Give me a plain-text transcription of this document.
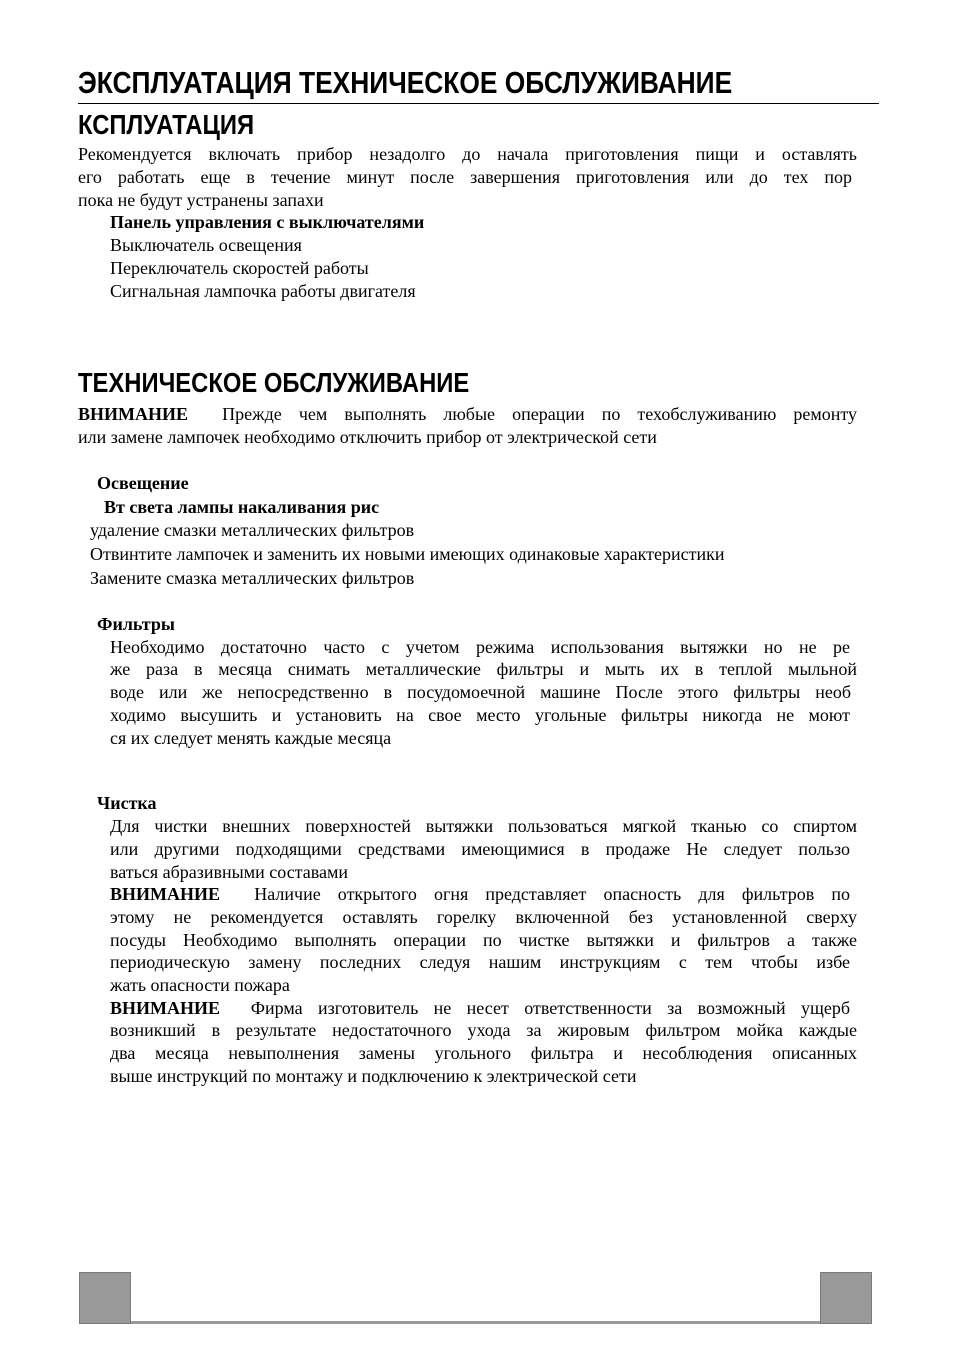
ЭКСПЛУАТАЦИЯ ТЕХНИЧЕСКОЕ ОБСЛУЖИВАНИЕ
КСПЛУАТАЦИЯ
Рекомендуется включать прибор незадолго до начала приготовления пищи и оставлять
его работать еще в течение минут после завершения приготовления или до тех пор
пока не будут устранены запахи
Панель управления с выключателями
Выключатель освещения
Переключатель скоростей работы
Сигнальная лампочка работы двигателя
ТЕХНИЧЕСКОЕ ОБСЛУЖИВАНИЕ
ВНИМАНИЕ Прежде чем выполнять любые операции по техобслуживанию ремонту
или замене лампочек необходимо отключить прибор от электрической сети
Освещение
Вт света лампы накаливания рис
удаление смазки металлических фильтров
Отвинтите лампочек и заменить их новыми имеющих одинаковые характеристики
Замените смазка металлических фильтров
Фильтры
Необходимо достаточно часто с учетом режима использования вытяжки но не ре
же раза в месяца снимать металлические фильтры и мыть их в теплой мыльной
воде или же непосредственно в посудомоечной машине После этого фильтры необ
ходимо высушить и установить на свое место угольные фильтры никогда не моют
ся их следует менять каждые месяца
Чистка
Для чистки внешних поверхностей вытяжки пользоваться мягкой тканью со спиртом
или другими подходящими средствами имеющимися в продаже Не следует пользо
ваться абразивными составами
ВНИМАНИЕ Наличие открытого огня представляет опасность для фильтров по
этому не рекомендуется оставлять горелку включенной без установленной сверху
посуды Необходимо выполнять операции по чистке вытяжки и фильтров а также
периодическую замену последних следуя нашим инструкциям с тем чтобы избе
жать опасности пожара
ВНИМАНИЕ Фирма изготовитель не несет ответственности за возможный ущерб
возникший в результате недостаточного ухода за жировым фильтром мойка каждые
два месяца невыполнения замены угольного фильтра и несоблюдения описанных
выше инструкций по монтажу и подключению к электрической сети
